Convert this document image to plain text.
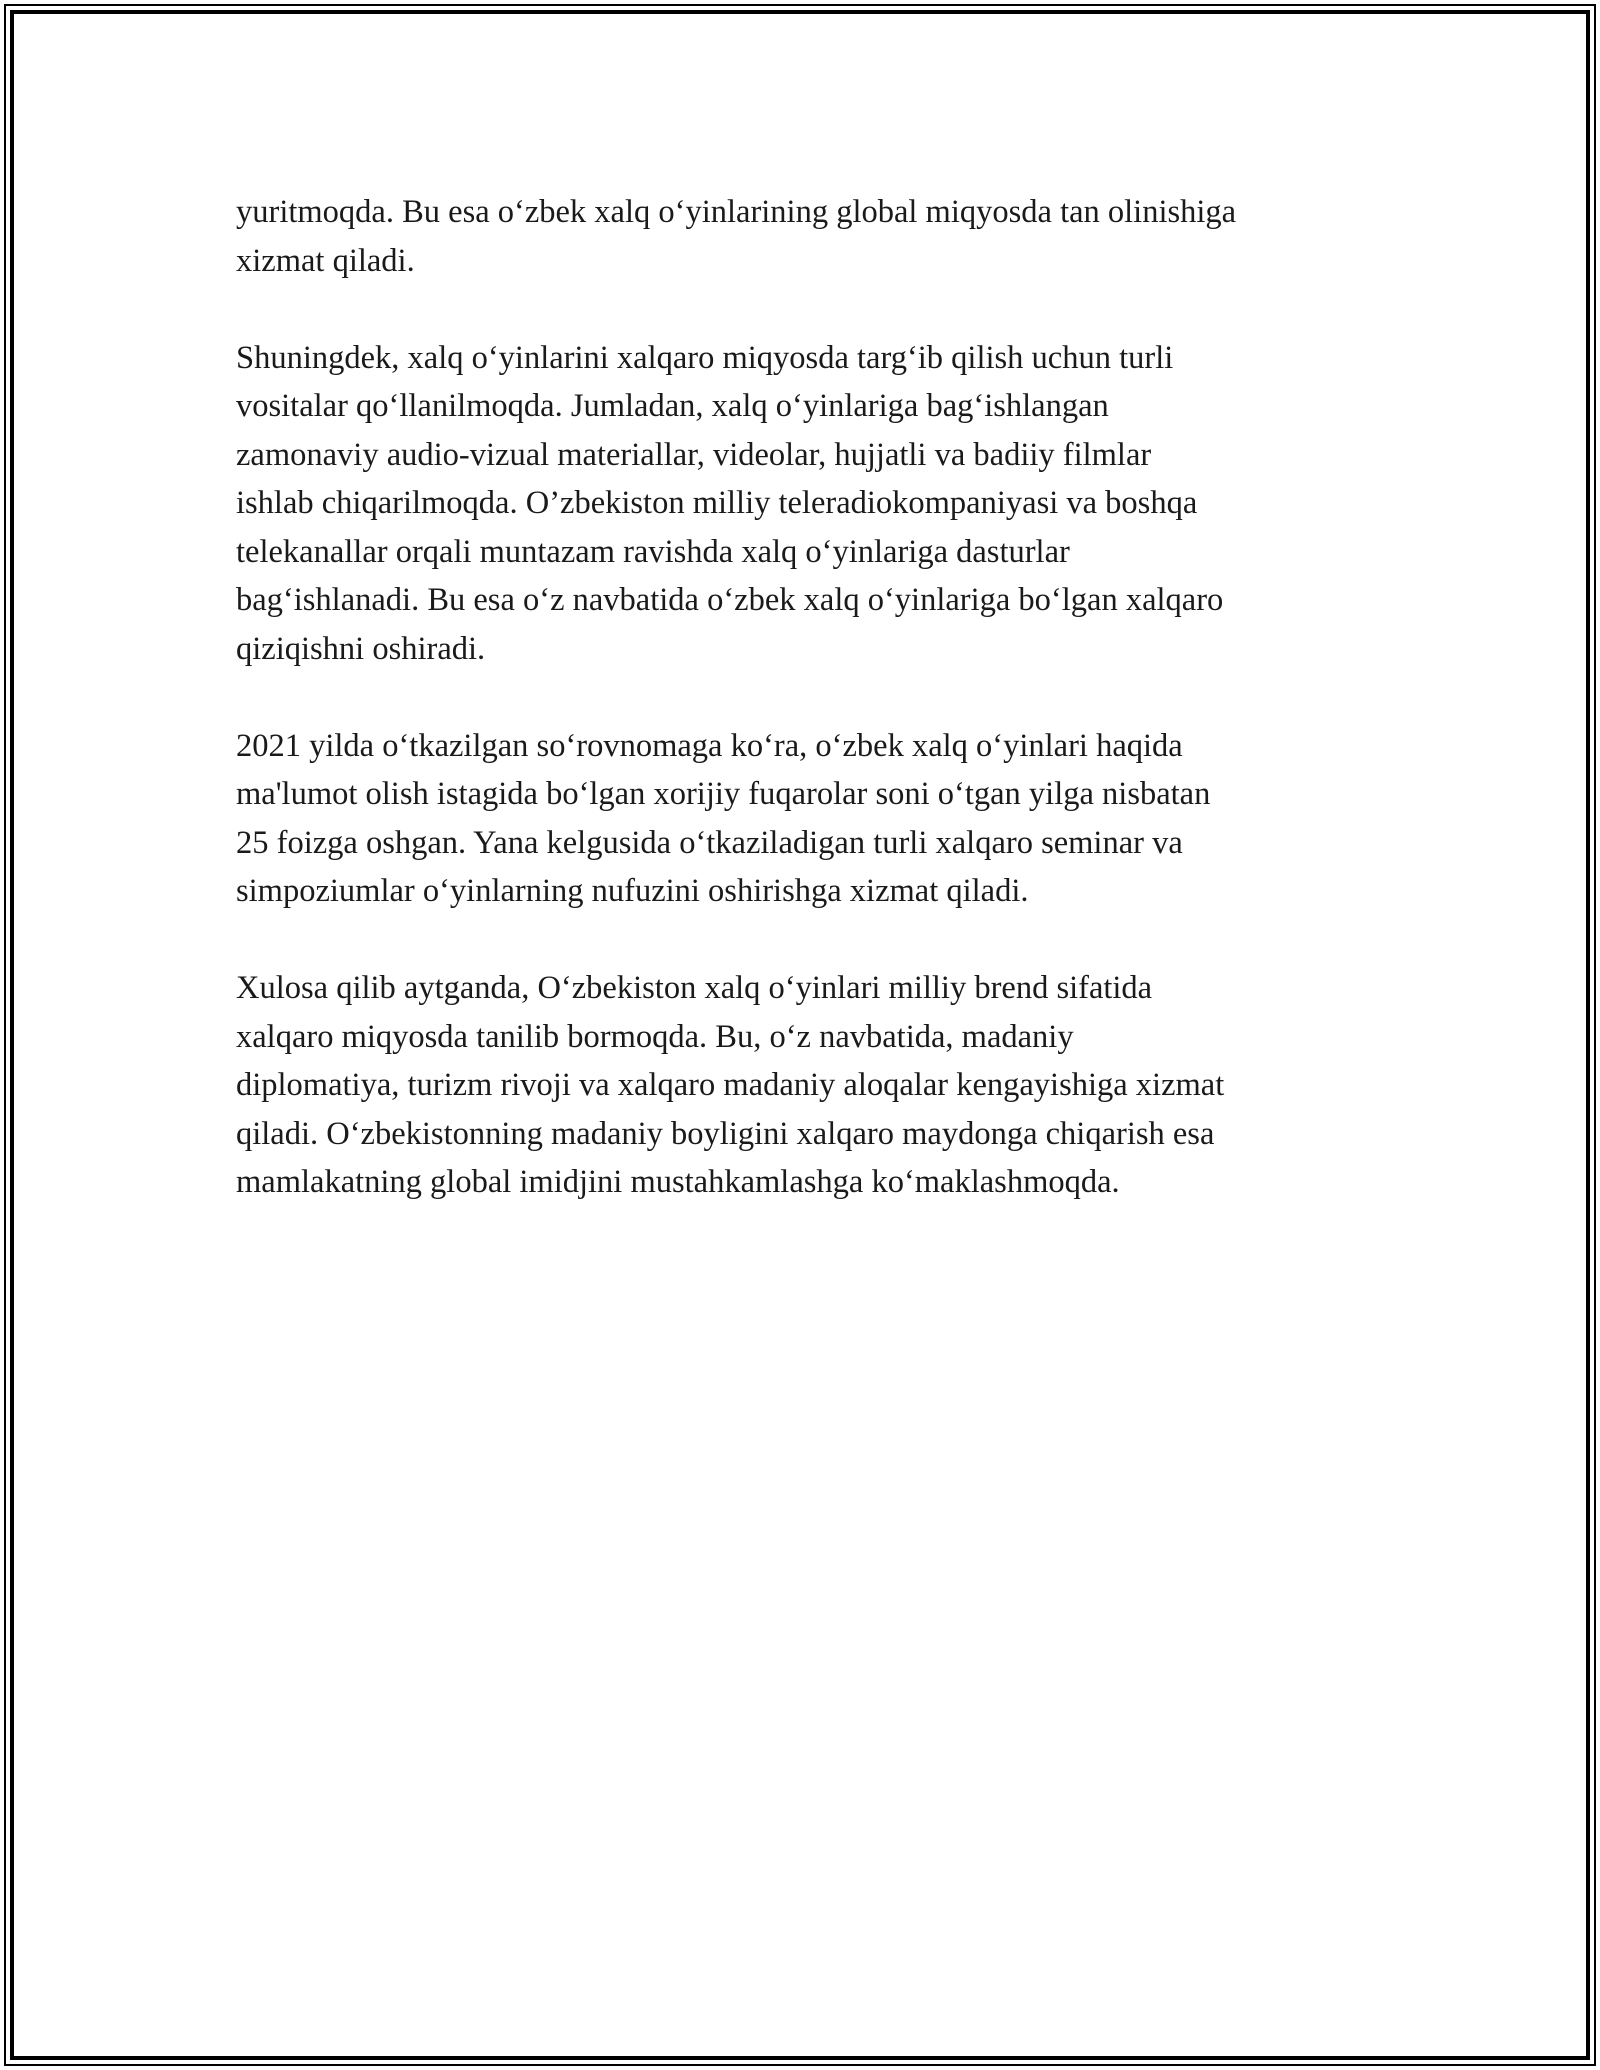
yuritmoqda. Bu esa o‘zbek xalq o‘yinlarining global miqyosda tan olinishiga
xizmat qiladi.

Shuningdek, xalq o‘yinlarini xalqaro miqyosda targ‘ib qilish uchun turli
vositalar qo‘llanilmoqda. Jumladan, xalq o‘yinlariga bag‘ishlangan
zamonaviy audio-vizual materiallar, videolar, hujjatli va badiiy filmlar
ishlab chiqarilmoqda. O’zbekiston milliy teleradiokompaniyasi va boshqa
telekanallar orqali muntazam ravishda xalq o‘yinlariga dasturlar
bag‘ishlanadi. Bu esa o‘z navbatida o‘zbek xalq o‘yinlariga bo‘lgan xalqaro
qiziqishni oshiradi.

2021 yilda o‘tkazilgan so‘rovnomaga ko‘ra, o‘zbek xalq o‘yinlari haqida
ma'lumot olish istagida bo‘lgan xorijiy fuqarolar soni o‘tgan yilga nisbatan
25 foizga oshgan. Yana kelgusida o‘tkaziladigan turli xalqaro seminar va
simpoziumlar o‘yinlarning nufuzini oshirishga xizmat qiladi.

Xulosa qilib aytganda, O‘zbekiston xalq o‘yinlari milliy brend sifatida
xalqaro miqyosda tanilib bormoqda. Bu, o‘z navbatida, madaniy
diplomatiya, turizm rivoji va xalqaro madaniy aloqalar kengayishiga xizmat
qiladi. O‘zbekistonning madaniy boyligini xalqaro maydonga chiqarish esa
mamlakatning global imidjini mustahkamlashga ko‘maklashmoqda.
